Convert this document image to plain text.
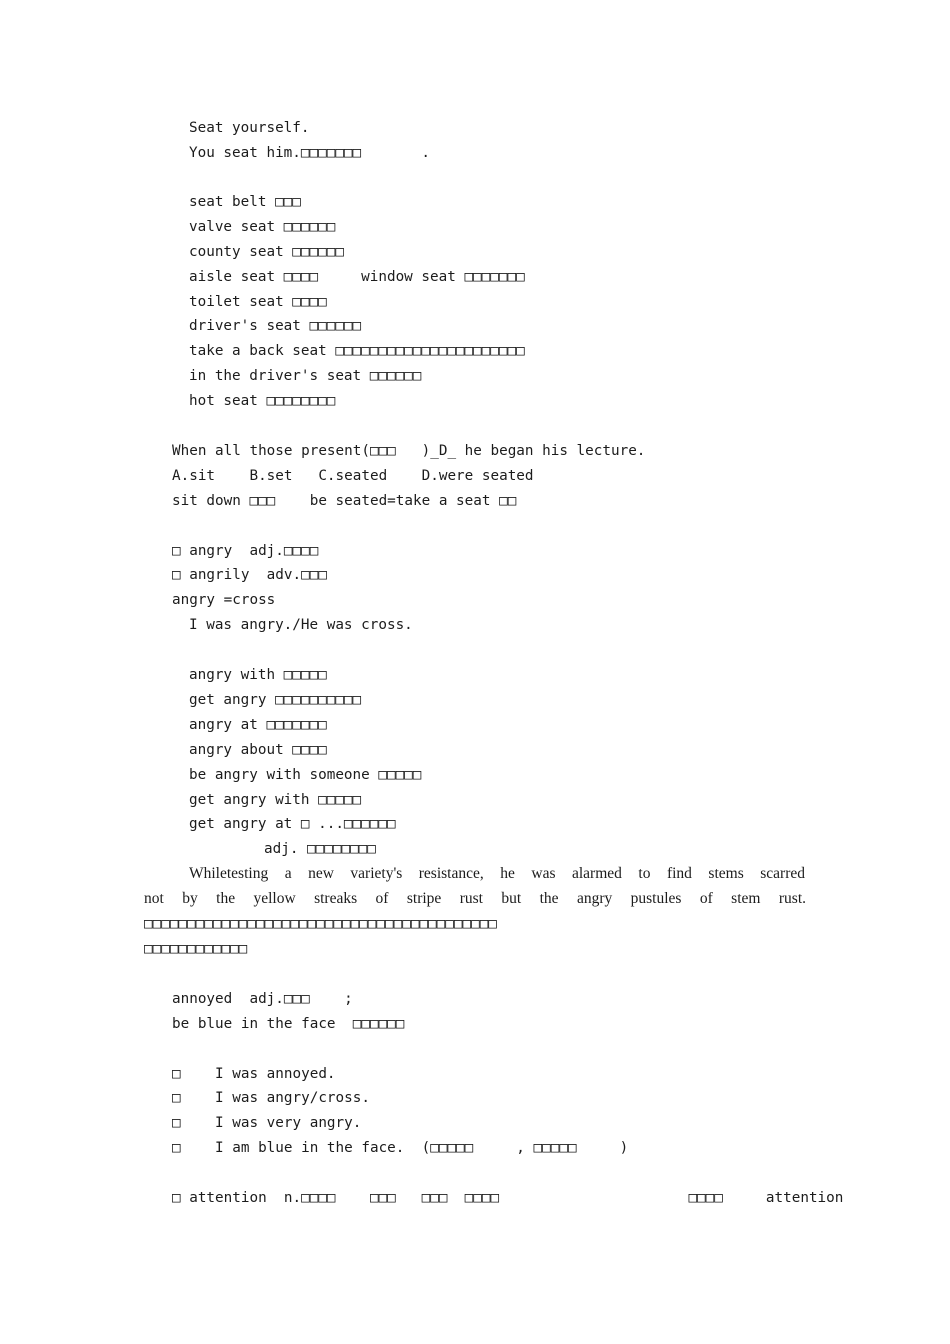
Seat yourself.
You seat him.□□□□□□□       .
seat belt □□□
valve seat □□□□□□
county seat □□□□□□
aisle seat □□□□     window seat □□□□□□□
toilet seat □□□□
driver's seat □□□□□□
take a back seat □□□□□□□□□□□□□□□□□□□□□□
in the driver's seat □□□□□□
hot seat □□□□□□□□
When all those present(□□□   )_D_ he began his lecture.
A.sit    B.set   C.seated    D.were seated
sit down □□□    be seated=take a seat □□
□ angry  adj.□□□□
□ angrily  adv.□□□
angry =cross
I was angry./He was cross.
angry with □□□□□
get angry □□□□□□□□□□
angry at □□□□□□□
angry about □□□□
be angry with someone □□□□□
get angry with □□□□□
get angry at □ ...□□□□□□
adj. □□□□□□□□
Whiletesting a new variety's resistance, he was alarmed to find stems scarred
not by the yellow streaks of stripe rust but the angry pustules of stem rust.
□□□□□□□□□□□□□□□□□□□□□□□□□□□□□□□□□□□□□□□□□
□□□□□□□□□□□□
annoyed  adj.□□□    ;
be blue in the face  □□□□□□
□    I was annoyed.
□    I was angry/cross.
□    I was very angry.
□    I am blue in the face.  (□□□□□     , □□□□□     )
□ attention  n.□□□□    □□□   □□□  □□□□                      □□□□     attention
